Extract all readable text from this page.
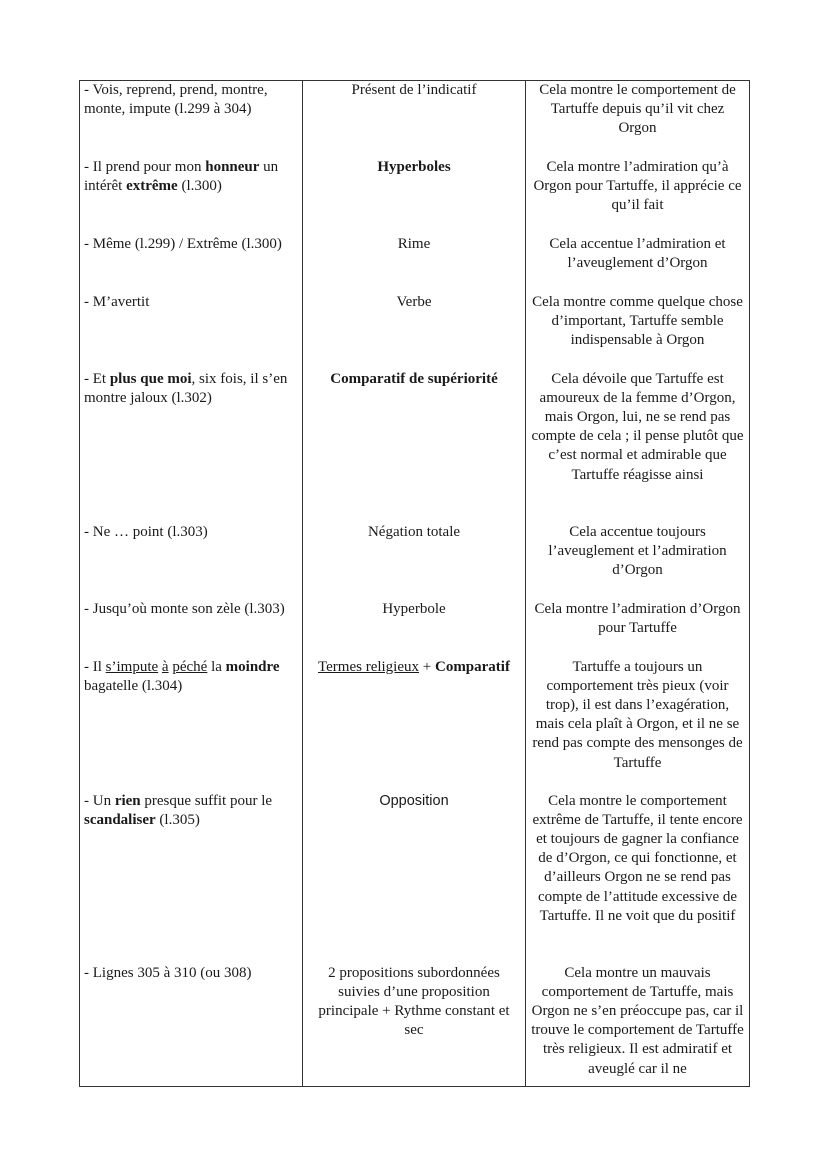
- Vois, reprend, prend, montre, monte, impute (l.299 à 304)	Présent de l’indicatif	Cela montre le comportement de Tartuffe depuis qu’il vit chez Orgon
- Il prend pour mon honneur un intérêt extrême (l.300)	Hyperboles	Cela montre l’admiration qu’à Orgon pour Tartuffe, il apprécie ce qu’il fait
- Même (l.299) / Extrême (l.300)	Rime	Cela accentue l’admiration et l’aveuglement d’Orgon
- M’avertit	Verbe	Cela montre comme quelque chose d’important, Tartuffe semble indispensable à Orgon
- Et plus que moi, six fois, il s’en montre jaloux (l.302)	Comparatif de supériorité	Cela dévoile que Tartuffe est amoureux de la femme d’Orgon, mais Orgon, lui, ne se rend pas compte de cela ; il pense plutôt que c’est normal et admirable que Tartuffe réagisse ainsi
- Ne … point (l.303)	Négation totale	Cela accentue toujours l’aveuglement et l’admiration d’Orgon
- Jusqu’où monte son zèle (l.303)	Hyperbole	Cela montre l’admiration d’Orgon pour Tartuffe
- Il s’impute à péché la moindre bagatelle (l.304)	Termes religieux + Comparatif	Tartuffe a toujours un comportement très pieux (voir trop), il est dans l’exagération, mais cela plaît à Orgon, et il ne se rend pas compte des mensonges de Tartuffe
- Un rien presque suffit pour le scandaliser (l.305)	Opposition	Cela montre le comportement extrême de Tartuffe, il tente encore et toujours de gagner la confiance de d’Orgon, ce qui fonctionne, et d’ailleurs Orgon ne se rend pas compte de l’attitude excessive de Tartuffe. Il ne voit que du positif
- Lignes 305 à 310 (ou 308)	2 propositions subordonnées suivies d’une proposition principale + Rythme constant et sec	Cela montre un mauvais comportement de Tartuffe, mais Orgon ne s’en préoccupe pas, car il trouve le comportement de Tartuffe très religieux. Il est admiratif et aveuglé car il ne
